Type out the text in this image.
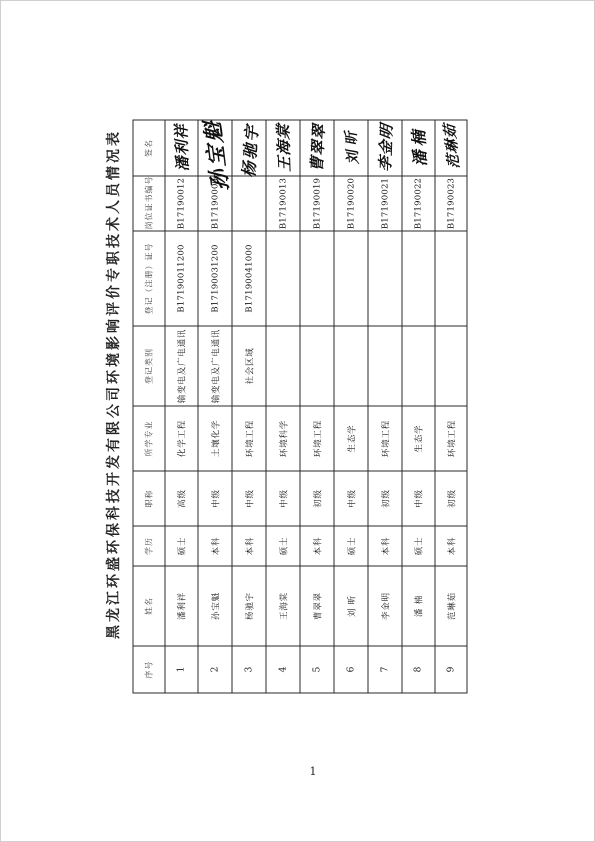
黑龙江环盛环保科技开发有限公司环境影响评价专职技术人员情况表
序号	姓名	学历	职称	所学专业	登记类别	登记（注册）证号	岗位证书编号	签名
1	潘利祥	硕士	高级	化学工程	输变电及广电通讯	B17190011200	B17190012	潘利祥

2	孙宝魁	本科	中级	土壤化学	输变电及广电通讯	B17190031200	B17190009	孙宝魁

3	杨驰宇	本科	中级	环境工程	社会区域	B17190041000		杨驰宇

4	王海棠	硕士	中级	环境科学			B17190013	王海棠

5	曹翠翠	本科	初级	环境工程			B17190019	曹翠翠

6	刘 昕	硕士	中级	生态学			B17190020	刘昕

7	李金明	本科	初级	环境工程			B17190021	李金明

8	潘 楠	硕士	中级	生态学			B17190022	潘楠

9	范琳茹	本科	初级	环境工程			B17190023	范琳茹
1
